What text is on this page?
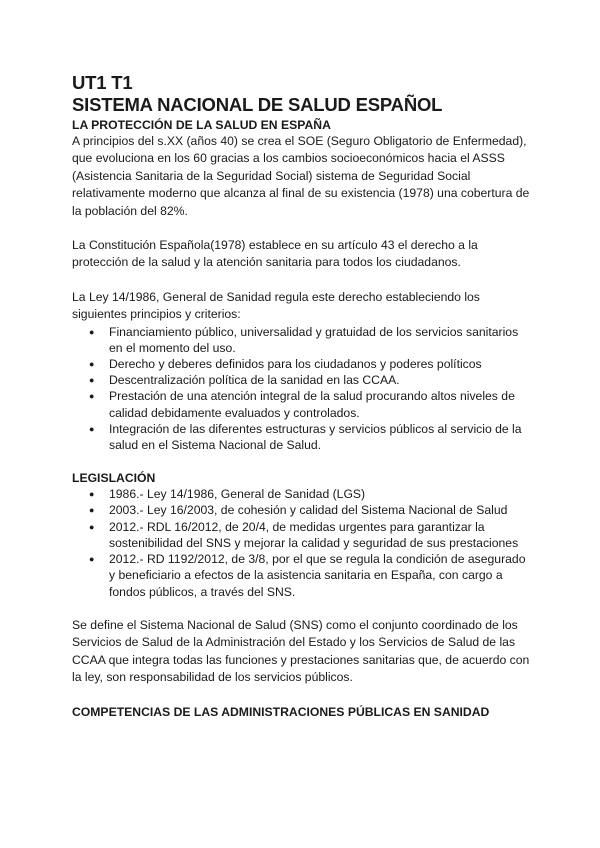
UT1 T1
SISTEMA NACIONAL DE SALUD ESPAÑOL
LA PROTECCIÓN DE LA SALUD EN ESPAÑA

A principios del s.XX (años 40) se crea el SOE (Seguro Obligatorio de Enfermedad), que evoluciona en los 60 gracias a los cambios socioeconómicos hacia el ASSS (Asistencia Sanitaria de la Seguridad Social) sistema de Seguridad Social relativamente moderno que alcanza al final de su existencia (1978) una cobertura de la población del 82%.

La Constitución Española(1978) establece en su artículo 43 el derecho a la protección de la salud y la atención sanitaria para todos los ciudadanos.

La Ley 14/1986, General de Sanidad regula este derecho estableciendo los siguientes principios y criterios:

● Financiamiento público, universalidad y gratuidad de los servicios sanitarios en el momento del uso.
● Derecho y deberes definidos para los ciudadanos y poderes políticos
● Descentralización política de la sanidad en las CCAA.
● Prestación de una atención integral de la salud procurando altos niveles de calidad debidamente evaluados y controlados.
● Integración de las diferentes estructuras y servicios públicos al servicio de la salud en el Sistema Nacional de Salud.
LEGISLACIÓN
● 1986.- Ley 14/1986, General de Sanidad (LGS)
● 2003.- Ley 16/2003, de cohesión y calidad del Sistema Nacional de Salud
● 2012.- RDL 16/2012, de 20/4, de medidas urgentes para garantizar la sostenibilidad del SNS y mejorar la calidad y seguridad de sus prestaciones
● 2012.- RD 1192/2012, de 3/8, por el que se regula la condición de asegurado y beneficiario a efectos de la asistencia sanitaria en España, con cargo a fondos públicos, a través del SNS.

Se define el Sistema Nacional de Salud (SNS) como el conjunto coordinado de los Servicios de Salud de la Administración del Estado y los Servicios de Salud de las CCAA que integra todas las funciones y prestaciones sanitarias que, de acuerdo con la ley, son responsabilidad de los servicios públicos.

COMPETENCIAS DE LAS ADMINISTRACIONES PÚBLICAS EN SANIDAD
